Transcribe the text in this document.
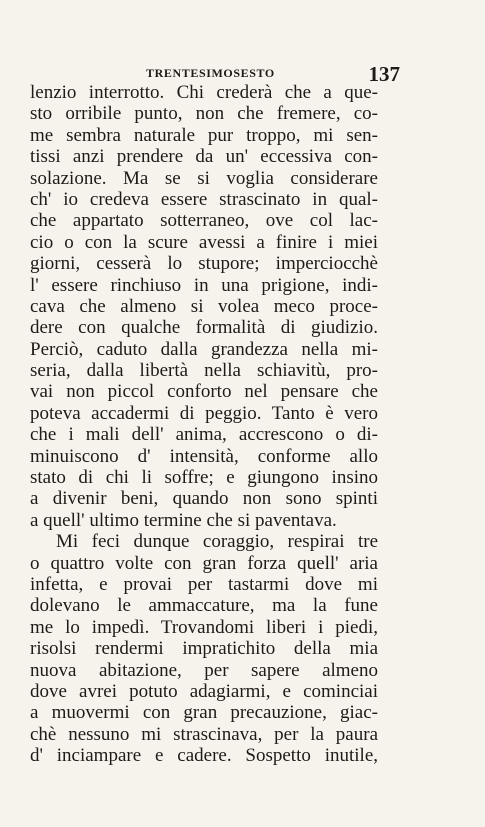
TRENTESIMOSESTO	137
lenzio interrotto. Chi crederà che a que-
sto orribile punto, non che fremere, co-
me sembra naturale pur troppo, mi sen-
tissi anzi prendere da un' eccessiva con-
solazione. Ma se si voglia considerare
ch' io credeva essere strascinato in qual-
che appartato sotterraneo, ove col lac-
cio o con la scure avessi a finire i miei
giorni, cesserà lo stupore; imperciocchè
l' essere rinchiuso in una prigione, indi-
cava che almeno si volea meco proce-
dere con qualche formalità di giudizio.
Perciò, caduto dalla grandezza nella mi-
seria, dalla libertà nella schiavitù, pro-
vai non piccol conforto nel pensare che
poteva accadermi di peggio. Tanto è vero
che i mali dell' anima, accrescono o di-
minuiscono d' intensità, conforme allo
stato di chi li soffre; e giungono insino
a divenir beni, quando non sono spinti
a quell' ultimo termine che si paventava.
Mi feci dunque coraggio, respirai tre
o quattro volte con gran forza quell' aria
infetta, e provai per tastarmi dove mi
dolevano le ammaccature, ma la fune
me lo impedì. Trovandomi liberi i piedi,
risolsi rendermi impratichito della mia
nuova abitazione, per sapere almeno
dove avrei potuto adagiarmi, e cominciai
a muovermi con gran precauzione, giac-
chè nessuno mi strascinava, per la paura
d' inciampare e cadere. Sospetto inutile,
